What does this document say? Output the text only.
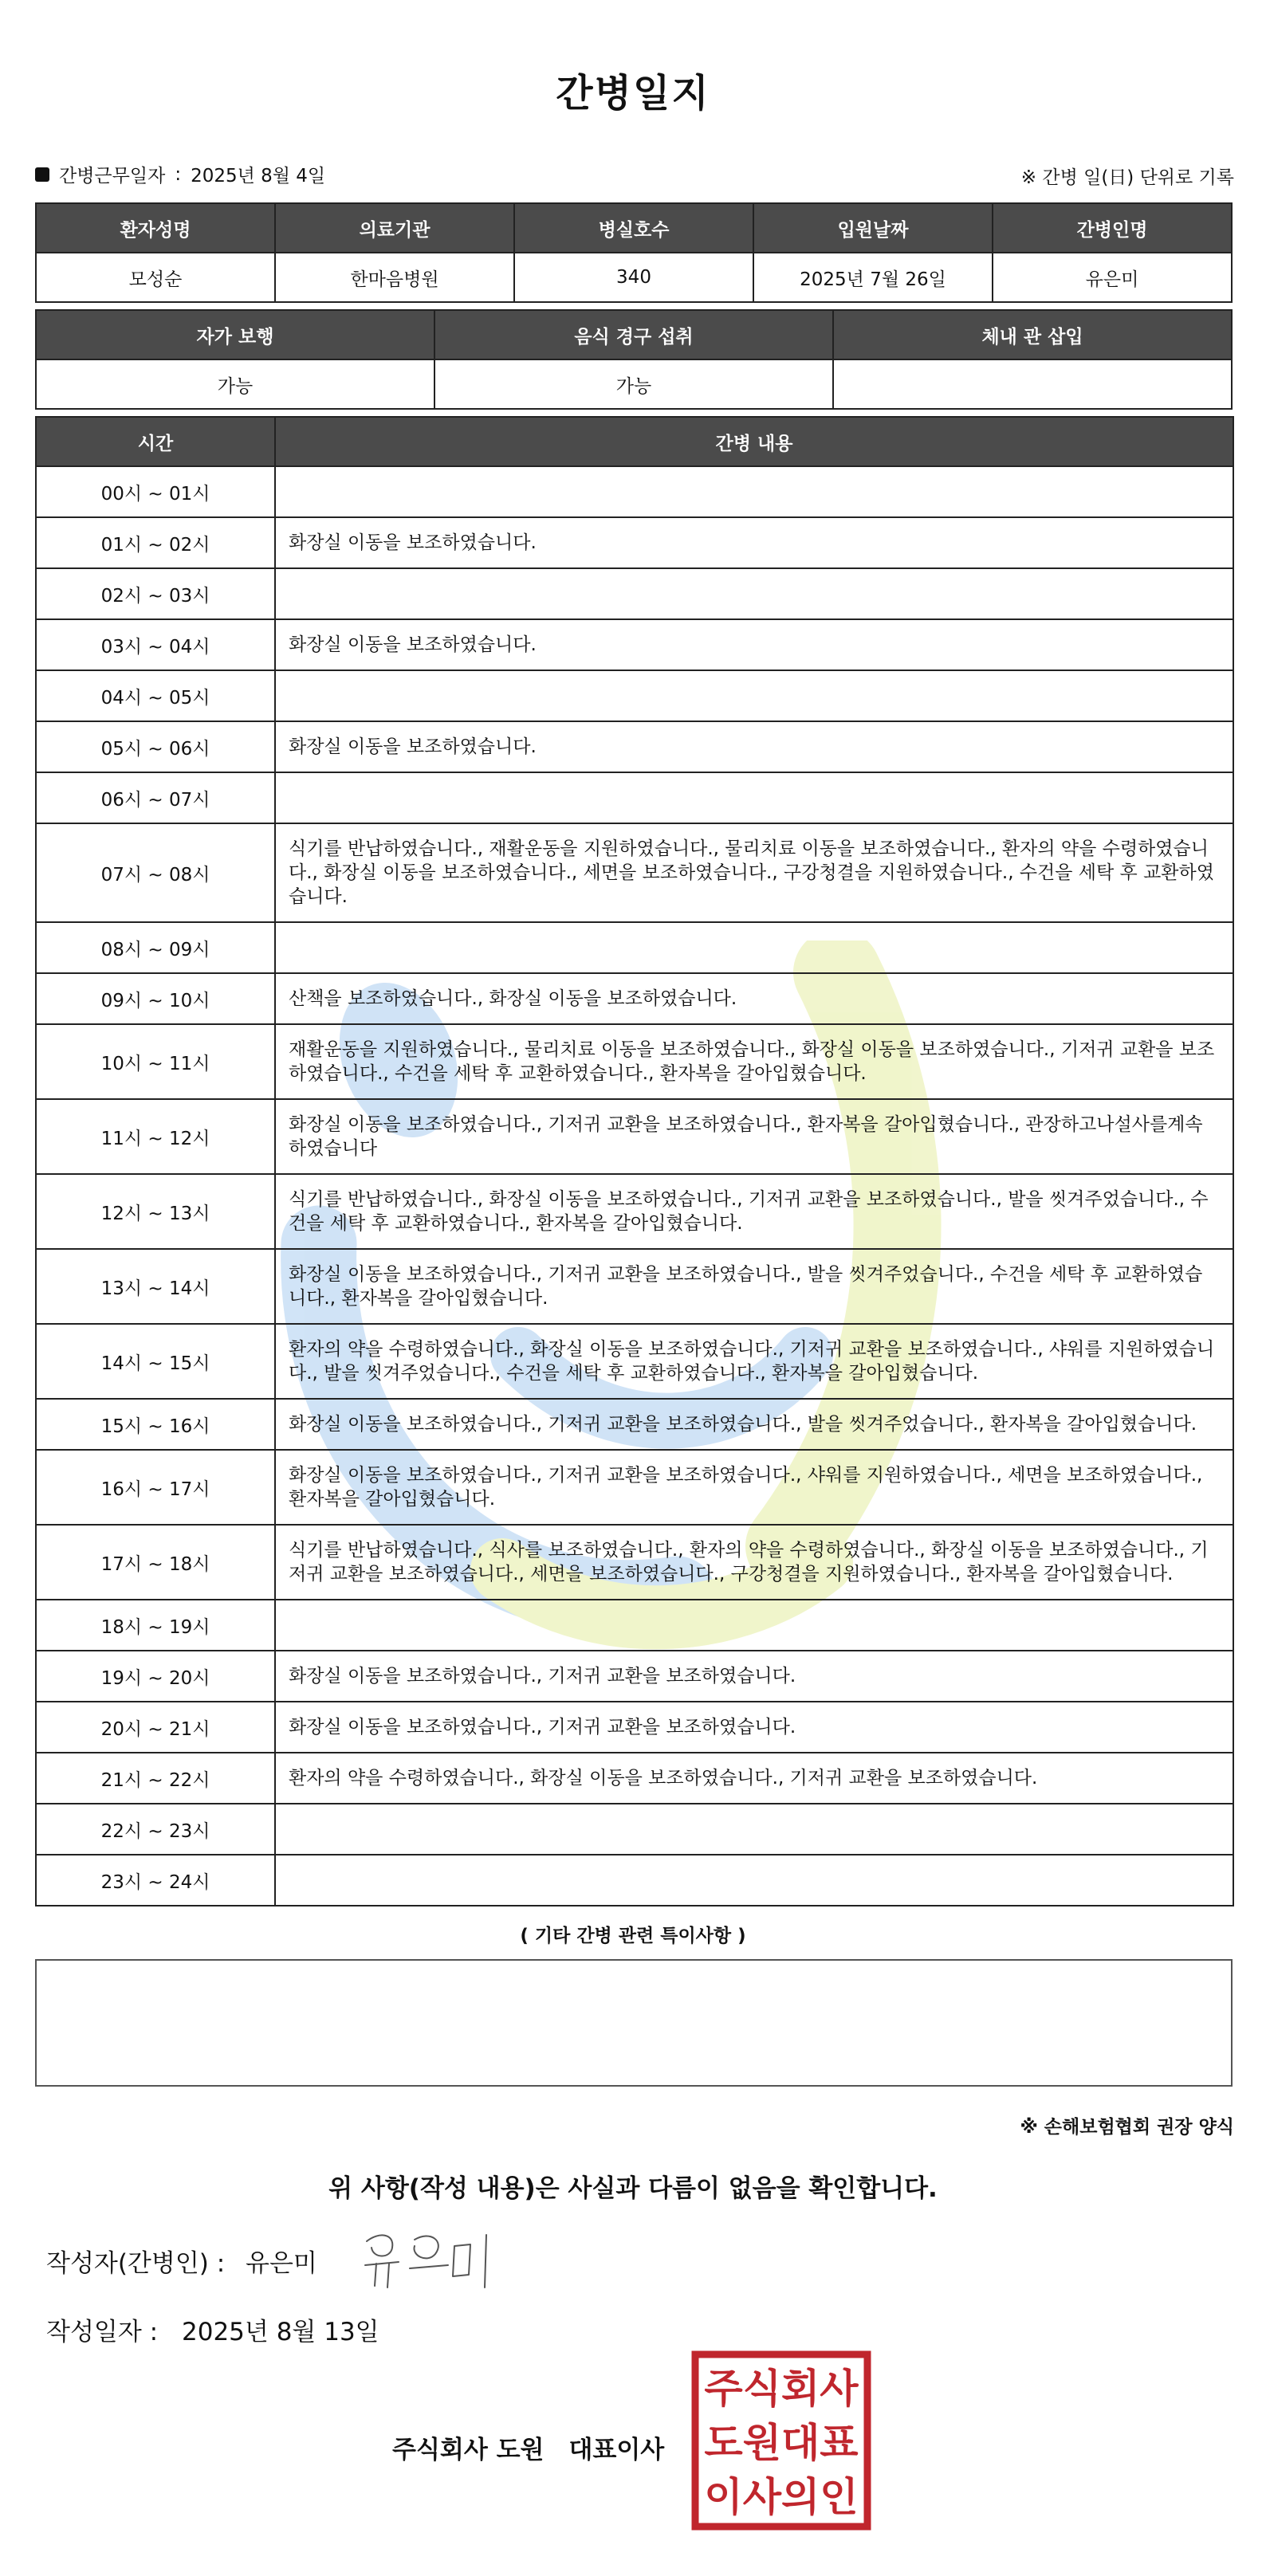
간병일지
간병근무일자 : 2025년 8월 4일	※ 간병 일(日) 단위로 기록
환자성명	의료기관	병실호수	입원날짜	간병인명
모성순	한마음병원	340	2025년 7월 26일	유은미
자가 보행	음식 경구 섭취	체내 관 삽입
가능	가능	
시간	간병 내용
00시 ~ 01시	
01시 ~ 02시	화장실 이동을 보조하였습니다.
02시 ~ 03시	
03시 ~ 04시	화장실 이동을 보조하였습니다.
04시 ~ 05시	
05시 ~ 06시	화장실 이동을 보조하였습니다.
06시 ~ 07시	
07시 ~ 08시	식기를 반납하였습니다., 재활운동을 지원하였습니다., 물리치료 이동을 보조하였습니다., 환자의 약을 수령하였습니다., 화장실 이동을 보조하였습니다., 세면을 보조하였습니다., 구강청결을 지원하였습니다., 수건을 세탁 후 교환하였습니다.
08시 ~ 09시	
09시 ~ 10시	산책을 보조하였습니다., 화장실 이동을 보조하였습니다.
10시 ~ 11시	재활운동을 지원하였습니다., 물리치료 이동을 보조하였습니다., 화장실 이동을 보조하였습니다., 기저귀 교환을 보조하였습니다., 수건을 세탁 후 교환하였습니다., 환자복을 갈아입혔습니다.
11시 ~ 12시	화장실 이동을 보조하였습니다., 기저귀 교환을 보조하였습니다., 환자복을 갈아입혔습니다., 관장하고나설사를계속하였습니다
12시 ~ 13시	식기를 반납하였습니다., 화장실 이동을 보조하였습니다., 기저귀 교환을 보조하였습니다., 발을 씻겨주었습니다., 수건을 세탁 후 교환하였습니다., 환자복을 갈아입혔습니다.
13시 ~ 14시	화장실 이동을 보조하였습니다., 기저귀 교환을 보조하였습니다., 발을 씻겨주었습니다., 수건을 세탁 후 교환하였습니다., 환자복을 갈아입혔습니다.
14시 ~ 15시	환자의 약을 수령하였습니다., 화장실 이동을 보조하였습니다., 기저귀 교환을 보조하였습니다., 샤워를 지원하였습니다., 발을 씻겨주었습니다., 수건을 세탁 후 교환하였습니다., 환자복을 갈아입혔습니다.
15시 ~ 16시	화장실 이동을 보조하였습니다., 기저귀 교환을 보조하였습니다., 발을 씻겨주었습니다., 환자복을 갈아입혔습니다.
16시 ~ 17시	화장실 이동을 보조하였습니다., 기저귀 교환을 보조하였습니다., 샤워를 지원하였습니다., 세면을 보조하였습니다., 환자복을 갈아입혔습니다.
17시 ~ 18시	식기를 반납하였습니다., 식사를 보조하였습니다., 환자의 약을 수령하였습니다., 화장실 이동을 보조하였습니다., 기저귀 교환을 보조하였습니다., 세면을 보조하였습니다., 구강청결을 지원하였습니다., 환자복을 갈아입혔습니다.
18시 ~ 19시	
19시 ~ 20시	화장실 이동을 보조하였습니다., 기저귀 교환을 보조하였습니다.
20시 ~ 21시	화장실 이동을 보조하였습니다., 기저귀 교환을 보조하였습니다.
21시 ~ 22시	환자의 약을 수령하였습니다., 화장실 이동을 보조하였습니다., 기저귀 교환을 보조하였습니다.
22시 ~ 23시	
23시 ~ 24시	
( 기타 간병 관련 특이사항 )
※ 손해보험협회 권장 양식
위 사항(작성 내용)은 사실과 다름이 없음을 확인합니다.
작성자(간병인) : 유은미
작성일자 : 2025년 8월 13일
주식회사 도원　대표이사
주식회사
도원대표
이사의인
